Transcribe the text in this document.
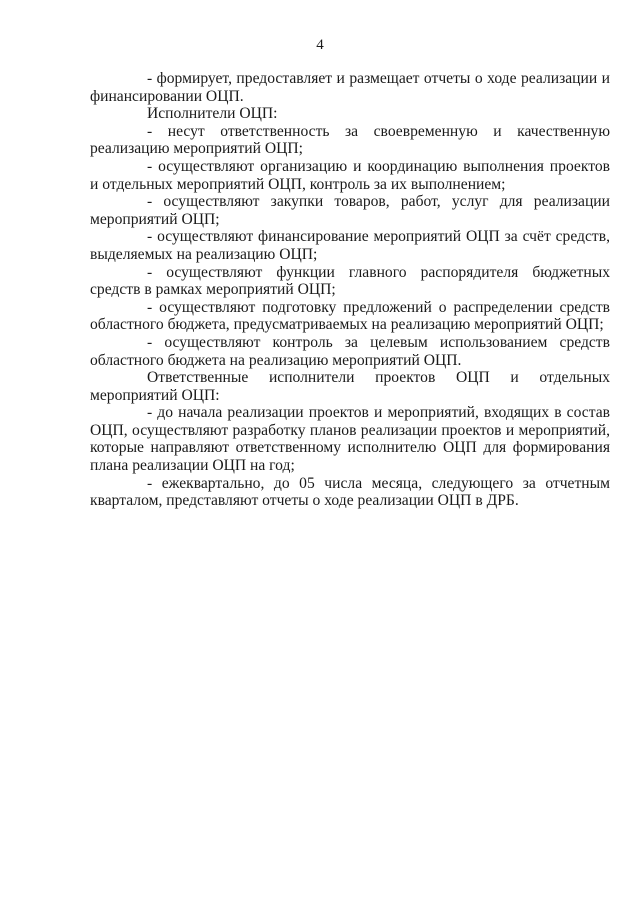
4

- формирует, предоставляет и размещает отчеты о ходе реализации и финансировании ОЦП.

Исполнители ОЦП:

- несут ответственность за своевременную и качественную реализацию мероприятий ОЦП;

- осуществляют организацию и координацию выполнения проектов и отдельных мероприятий ОЦП, контроль за их выполнением;

- осуществляют закупки товаров, работ, услуг для реализации мероприятий ОЦП;

- осуществляют финансирование мероприятий ОЦП за счёт средств, выделяемых на реализацию ОЦП;

- осуществляют функции главного распорядителя бюджетных средств в рамках мероприятий ОЦП;

- осуществляют подготовку предложений о распределении средств областного бюджета, предусматриваемых на реализацию мероприятий ОЦП;

- осуществляют контроль за целевым использованием средств областного бюджета на реализацию мероприятий ОЦП.

Ответственные исполнители проектов ОЦП и отдельных мероприятий ОЦП:

- до начала реализации проектов и мероприятий, входящих в состав ОЦП, осуществляют разработку планов реализации проектов и мероприятий, которые направляют ответственному исполнителю ОЦП для формирования плана реализации ОЦП на год;

- ежеквартально, до 05 числа месяца, следующего за отчетным кварталом, представляют отчеты о ходе реализации ОЦП в ДРБ.
